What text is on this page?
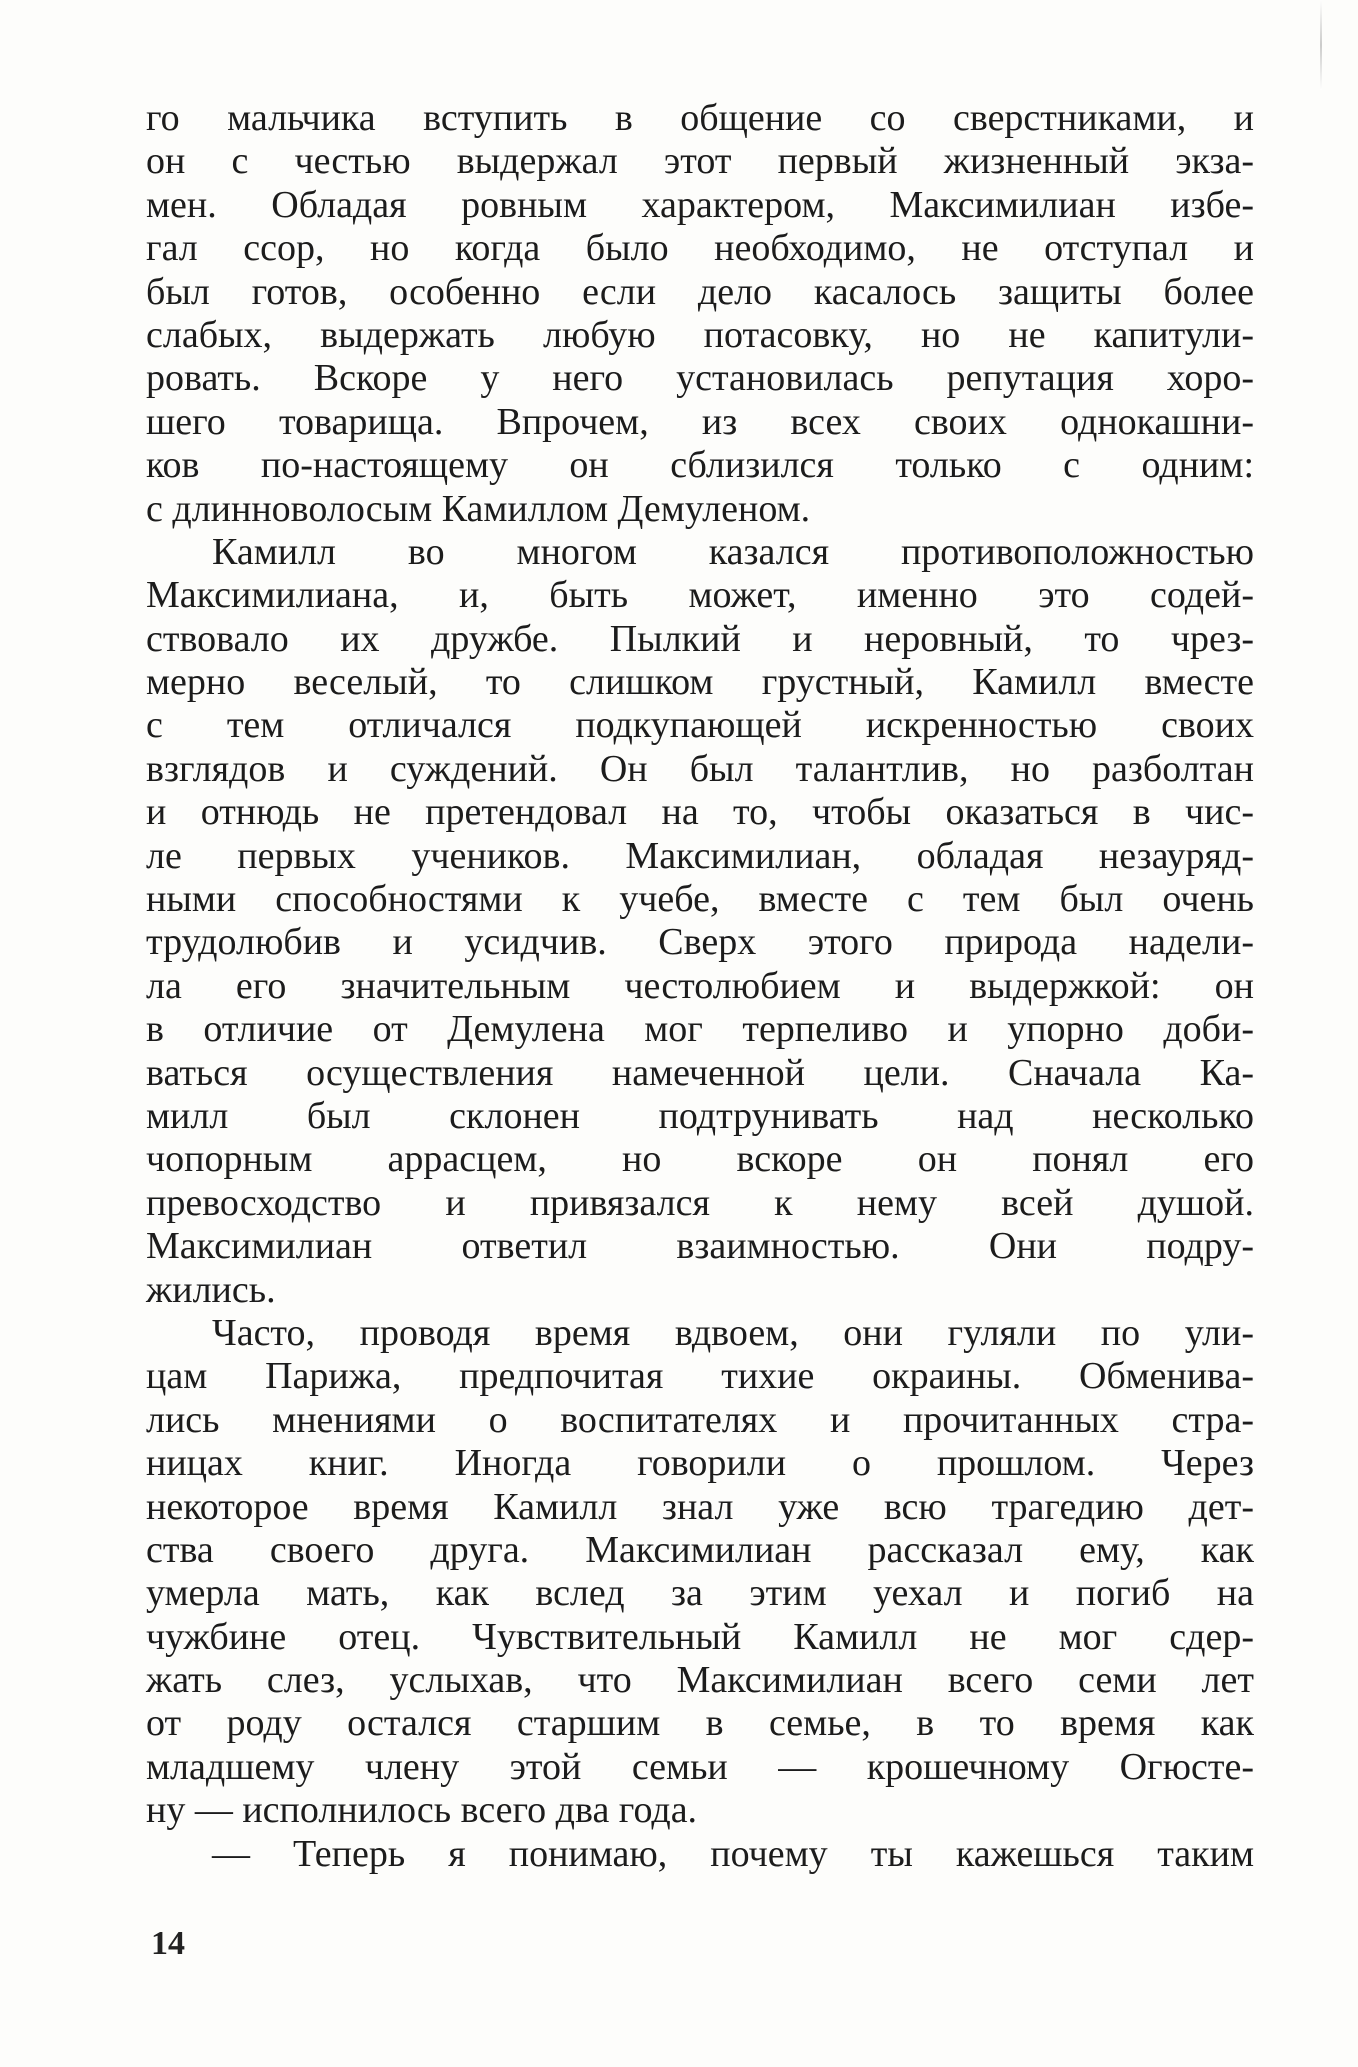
го мальчика вступить в общение со сверстниками, и
он с честью выдержал этот первый жизненный экза-
мен. Обладая ровным характером, Максимилиан избе-
гал ссор, но когда было необходимо, не отступал и
был готов, особенно если дело касалось защиты более
слабых, выдержать любую потасовку, но не капитули-
ровать. Вскоре у него установилась репутация хоро-
шего товарища. Впрочем, из всех своих однокашни-
ков по-настоящему он сблизился только с одним:
с длинноволосым Камиллом Демуленом.
Камилл во многом казался противоположностью
Максимилиана, и, быть может, именно это содей-
ствовало их дружбе. Пылкий и неровный, то чрез-
мерно веселый, то слишком грустный, Камилл вместе
с тем отличался подкупающей искренностью своих
взглядов и суждений. Он был талантлив, но разболтан
и отнюдь не претендовал на то, чтобы оказаться в чис-
ле первых учеников. Максимилиан, обладая незауряд-
ными способностями к учебе, вместе с тем был очень
трудолюбив и усидчив. Сверх этого природа надели-
ла его значительным честолюбием и выдержкой: он
в отличие от Демулена мог терпеливо и упорно доби-
ваться осуществления намеченной цели. Сначала Ка-
милл был склонен подтрунивать над несколько
чопорным аррасцем, но вскоре он понял его
превосходство и привязался к нему всей душой.
Максимилиан ответил взаимностью. Они подру-
жились.
Часто, проводя время вдвоем, они гуляли по ули-
цам Парижа, предпочитая тихие окраины. Обменива-
лись мнениями о воспитателях и прочитанных стра-
ницах книг. Иногда говорили о прошлом. Через
некоторое время Камилл знал уже всю трагедию дет-
ства своего друга. Максимилиан рассказал ему, как
умерла мать, как вслед за этим уехал и погиб на
чужбине отец. Чувствительный Камилл не мог сдер-
жать слез, услыхав, что Максимилиан всего семи лет
от роду остался старшим в семье, в то время как
младшему члену этой семьи — крошечному Огюсте-
ну — исполнилось всего два года.
— Теперь я понимаю, почему ты кажешься таким
14
